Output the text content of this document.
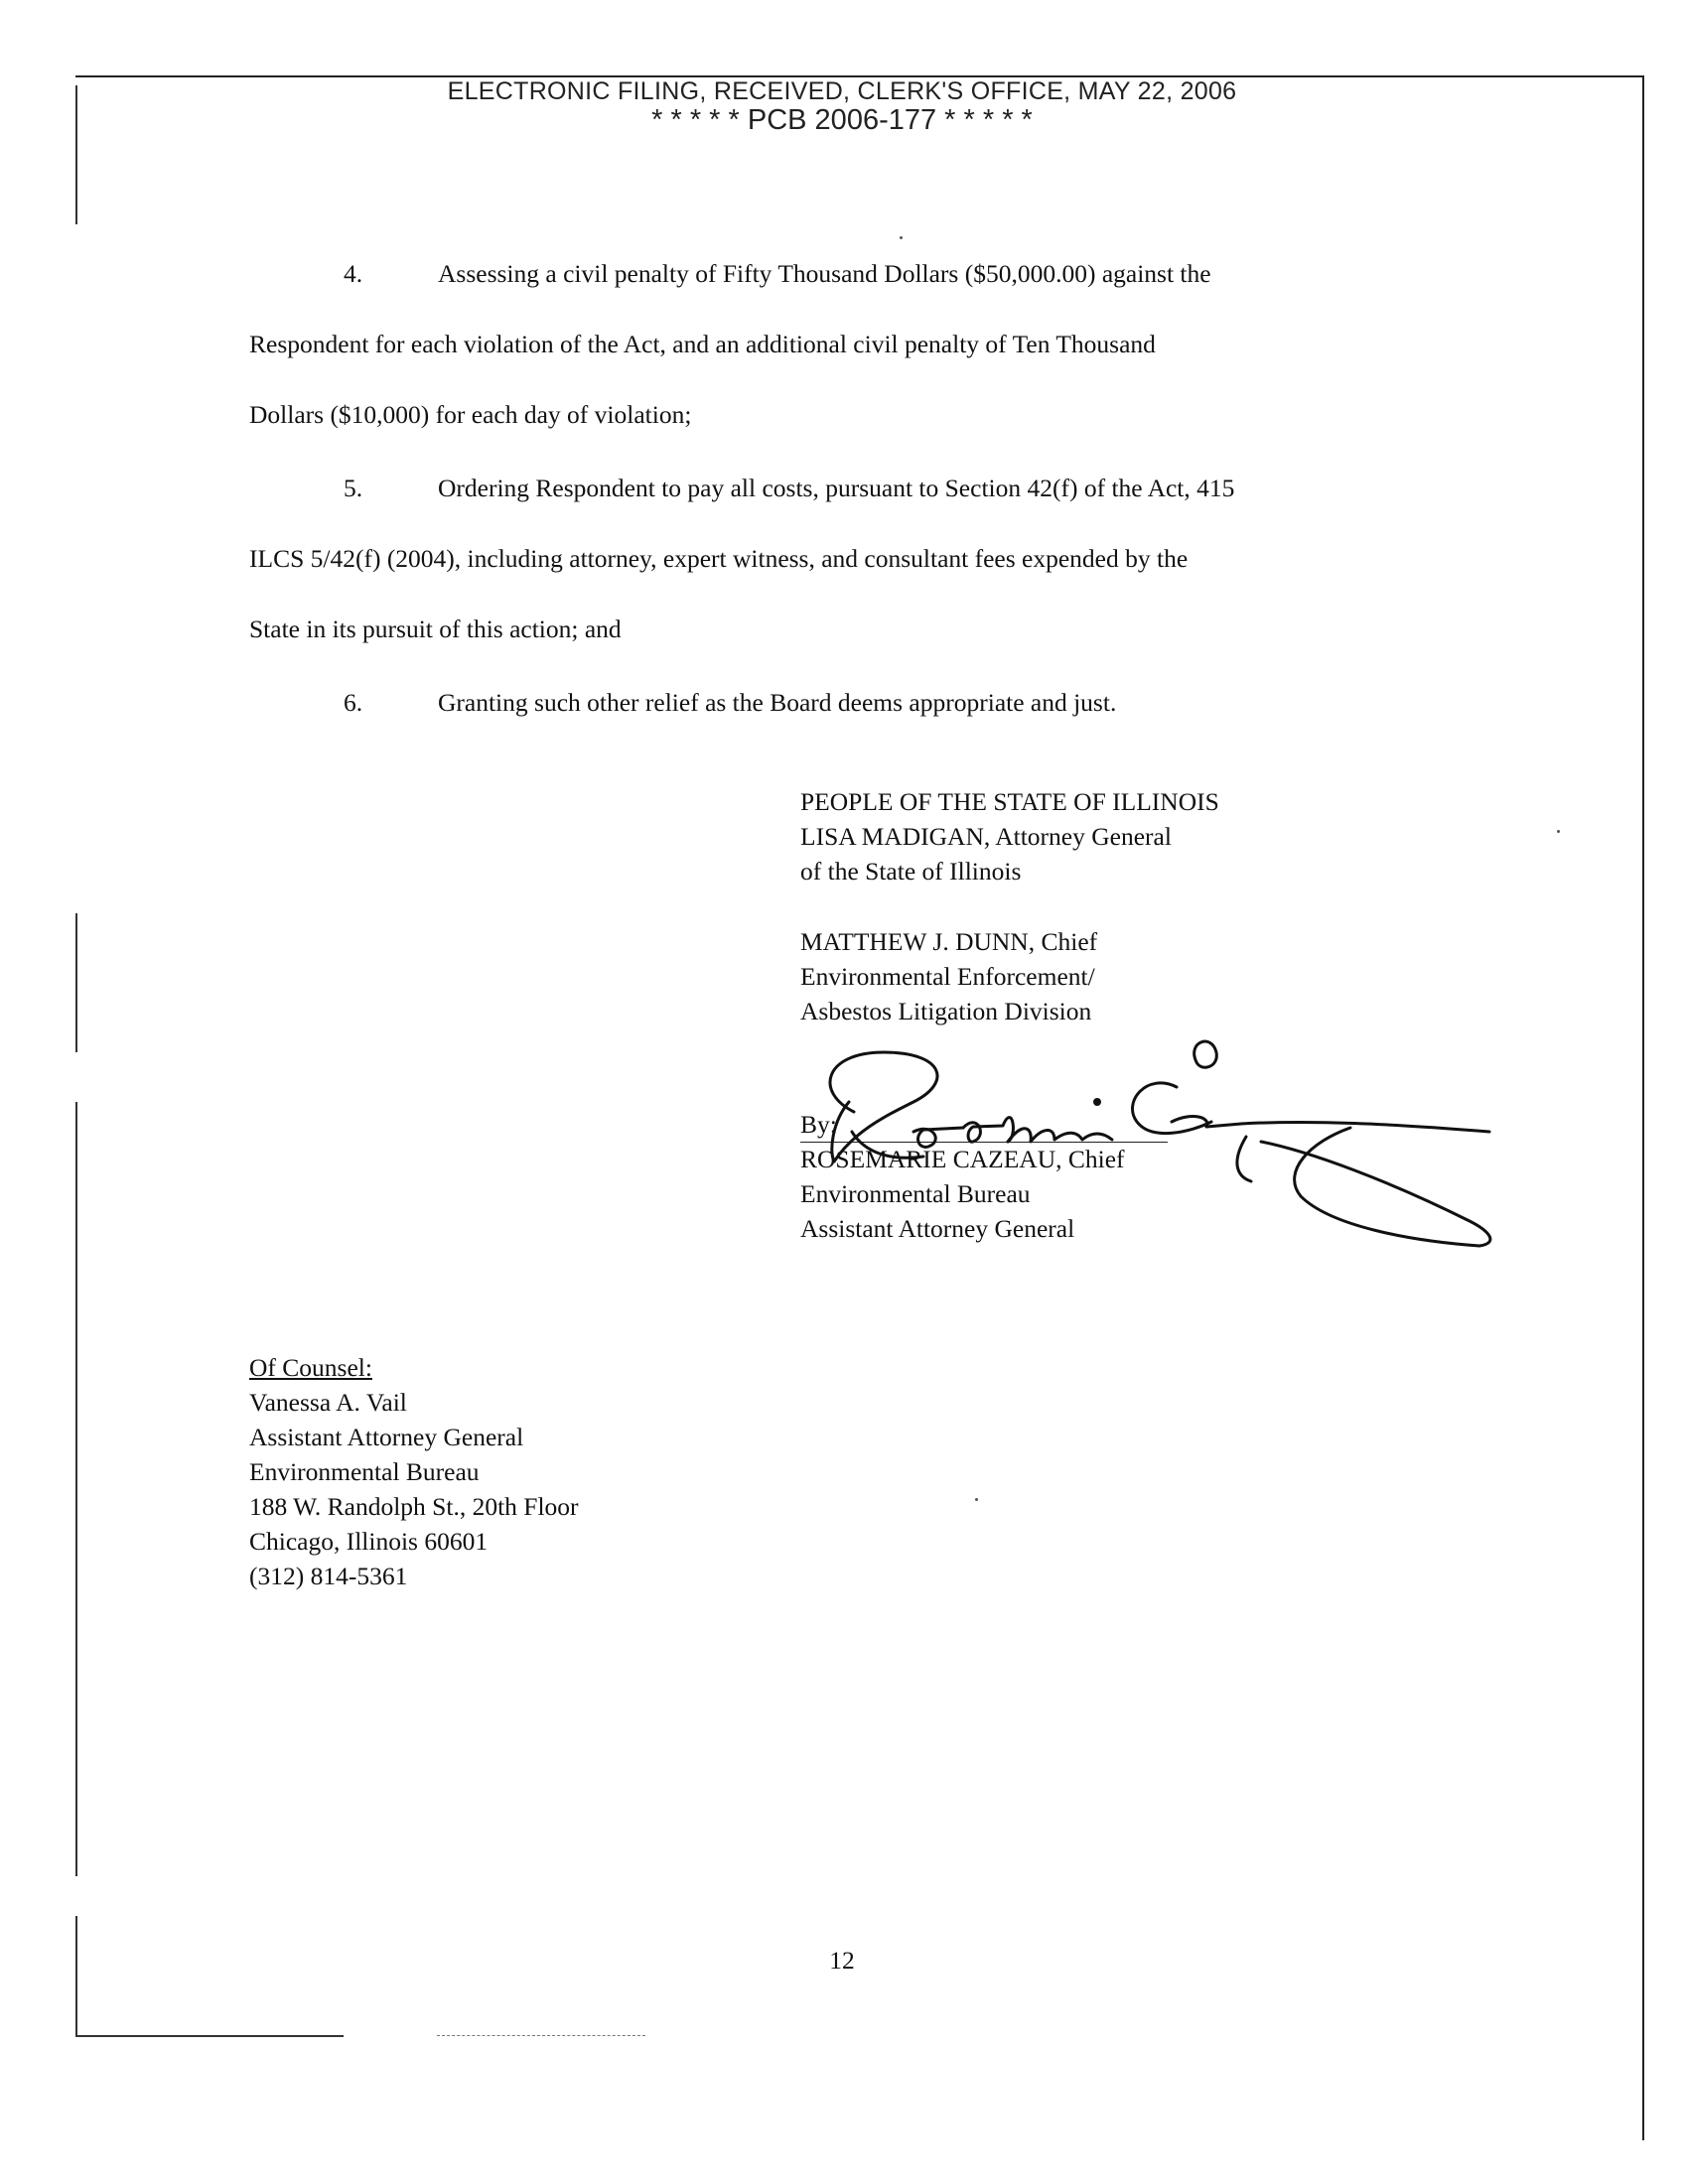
ELECTRONIC FILING, RECEIVED, CLERK'S OFFICE, MAY 22, 2006
* * * * * PCB 2006-177 * * * * *
4.	Assessing a civil penalty of Fifty Thousand Dollars ($50,000.00) against the
Respondent for each violation of the Act, and an additional civil penalty of Ten Thousand
Dollars ($10,000) for each day of violation;
5.	Ordering Respondent to pay all costs, pursuant to Section 42(f) of the Act, 415
ILCS 5/42(f) (2004), including attorney, expert witness, and consultant fees expended by the
State in its pursuit of this action; and
6.	Granting such other relief as the Board deems appropriate and just.
PEOPLE OF THE STATE OF ILLINOIS
LISA MADIGAN, Attorney General
of the State of Illinois
MATTHEW J. DUNN, Chief
Environmental Enforcement/
Asbestos Litigation Division
By:
ROSEMARIE CAZEAU, Chief
Environmental Bureau
Assistant Attorney General
Of Counsel:
Vanessa A. Vail
Assistant Attorney General
Environmental Bureau
188 W. Randolph St., 20th Floor
Chicago, Illinois 60601
(312) 814-5361
12
